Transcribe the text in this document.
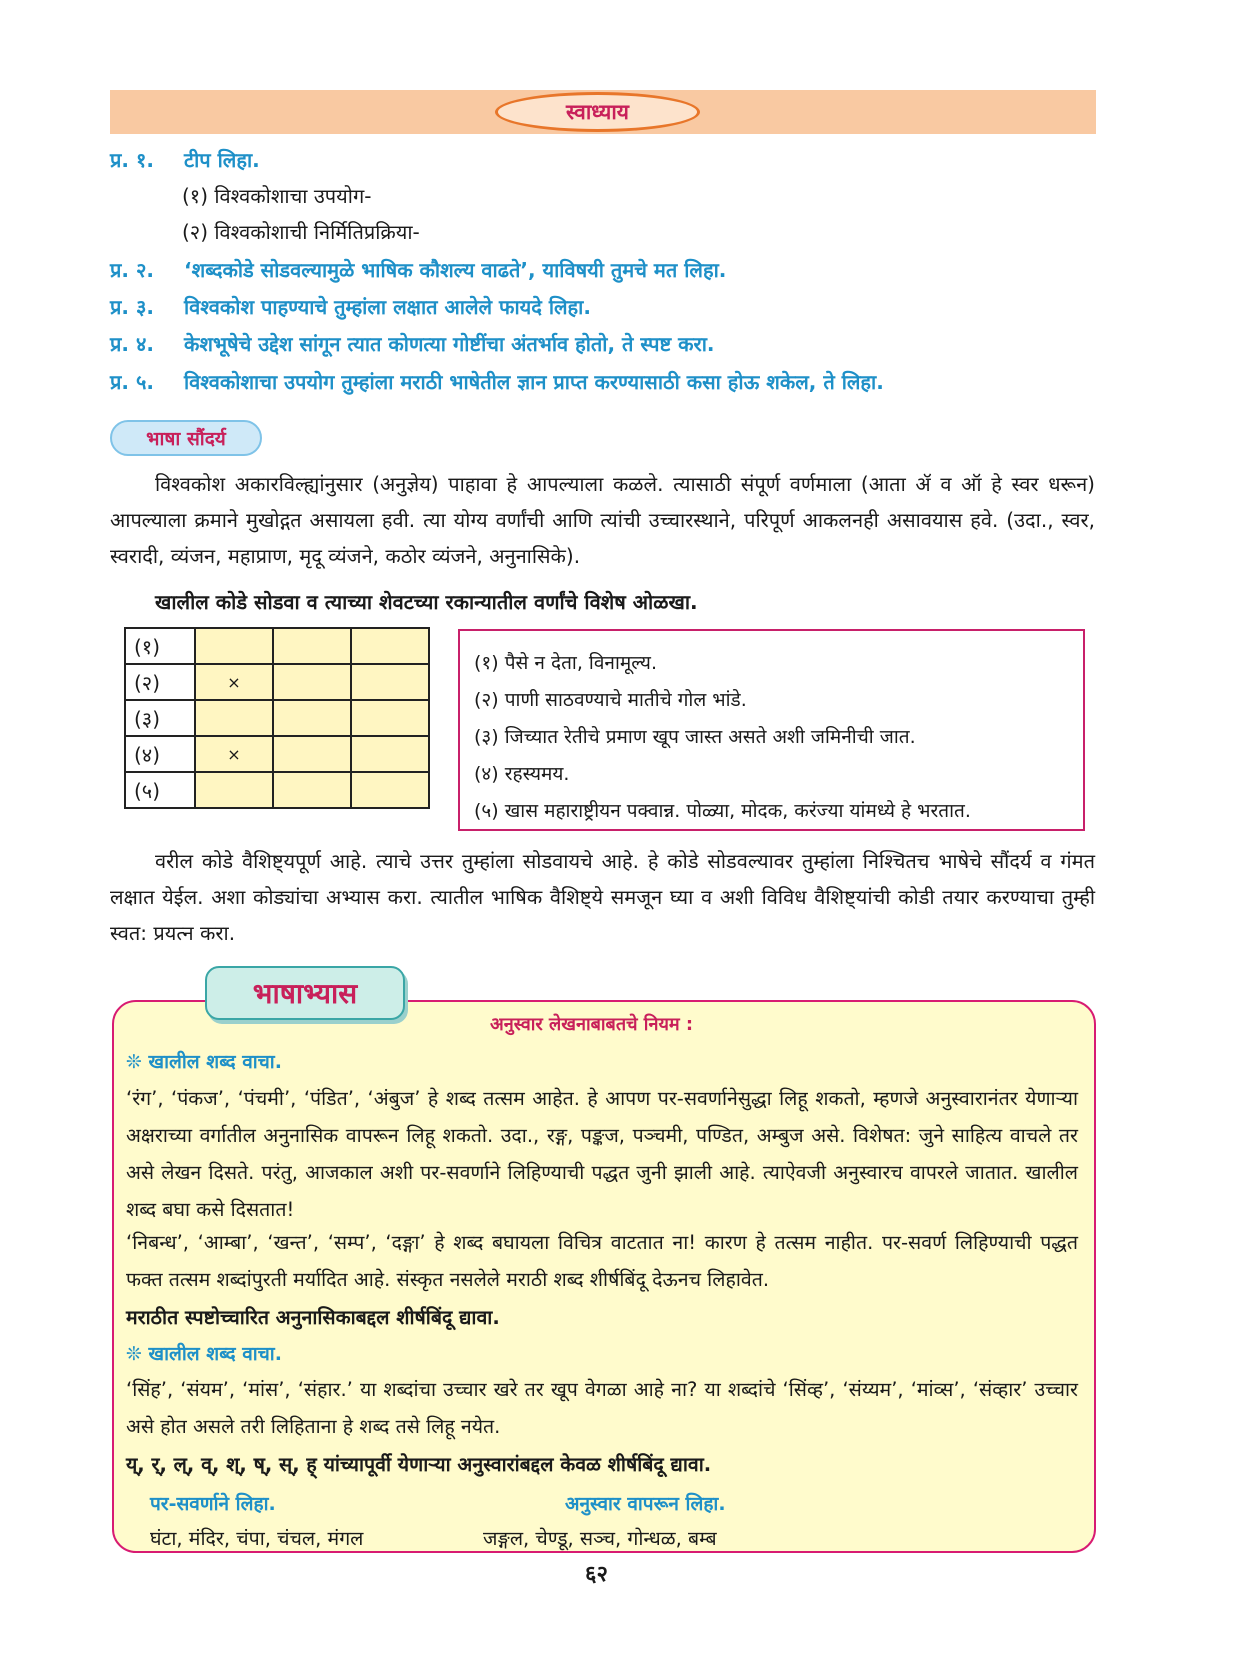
स्वाध्याय
प्र. १. टीप लिहा.
(१) विश्वकोशाचा उपयोग-
(२) विश्वकोशाची निर्मितिप्रक्रिया-
प्र. २. ‘शब्दकोडे सोडवल्यामुळे भाषिक कौशल्य वाढते’, याविषयी तुमचे मत लिहा.
प्र. ३. विश्वकोश पाहण्याचे तुम्हांला लक्षात आलेले फायदे लिहा.
प्र. ४. केशभूषेचे उद्देश सांगून त्यात कोणत्या गोष्टींचा अंतर्भाव होतो, ते स्पष्ट करा.
प्र. ५. विश्वकोशाचा उपयोग तुम्हांला मराठी भाषेतील ज्ञान प्राप्त करण्यासाठी कसा होऊ शकेल, ते लिहा.
भाषा सौंदर्य
विश्वकोश अकारविल्ह्यांनुसार (अनुज्ञेय) पाहावा हे आपल्याला कळले. त्यासाठी संपूर्ण वर्णमाला (आता ॲ व ऑ हे स्वर धरून) आपल्याला क्रमाने मुखोद्गत असायला हवी. त्या योग्य वर्णांची आणि त्यांची उच्चारस्थाने, परिपूर्ण आकलनही असावयास हवे. (उदा., स्वर, स्वरादी, व्यंजन, महाप्राण, मृदू व्यंजने, कठोर व्यंजने, अनुनासिके).
खालील कोडे सोडवा व त्याच्या शेवटच्या रकान्यातील वर्णांचे विशेष ओळखा.
(१)			
(२)	×		
(३)			
(४)	×		
(५)			
(१) पैसे न देता, विनामूल्य.
(२) पाणी साठवण्याचे मातीचे गोल भांडे.
(३) जिच्यात रेतीचे प्रमाण खूप जास्त असते अशी जमिनीची जात.
(४) रहस्यमय.
(५) खास महाराष्ट्रीयन पक्वान्न. पोळ्या, मोदक, करंज्या यांमध्ये हे भरतात.
वरील कोडे वैशिष्ट्यपूर्ण आहे. त्याचे उत्तर तुम्हांला सोडवायचे आहे. हे कोडे सोडवल्यावर तुम्हांला निश्चितच भाषेचे सौंदर्य व गंमत लक्षात येईल. अशा कोड्यांचा अभ्यास करा. त्यातील भाषिक वैशिष्ट्ये समजून घ्या व अशी विविध वैशिष्ट्यांची कोडी तयार करण्याचा तुम्ही स्वत: प्रयत्न करा.
भाषाभ्यास
अनुस्वार लेखनाबाबतचे नियम :
❊ खालील शब्द वाचा.
‘रंग’, ‘पंकज’, ‘पंचमी’, ‘पंडित’, ‘अंबुज’ हे शब्द तत्सम आहेत. हे आपण पर-सवर्णानेसुद्धा लिहू शकतो, म्हणजे अनुस्वारानंतर येणाऱ्या अक्षराच्या वर्गातील अनुनासिक वापरून लिहू शकतो. उदा., रङ्ग, पङ्कज, पञ्चमी, पण्डित, अम्बुज असे. विशेषत: जुने साहित्य वाचले तर असे लेखन दिसते. परंतु, आजकाल अशी पर-सवर्णाने लिहिण्याची पद्धत जुनी झाली आहे. त्याऐवजी अनुस्वारच वापरले जातात. खालील शब्द बघा कसे दिसतात!
‘निबन्ध’, ‘आम्बा’, ‘खन्त’, ‘सम्प’, ‘दङ्गा’ हे शब्द बघायला विचित्र वाटतात ना! कारण हे तत्सम नाहीत. पर-सवर्ण लिहिण्याची पद्धत फक्त तत्सम शब्दांपुरती मर्यादित आहे. संस्कृत नसलेले मराठी शब्द शीर्षबिंदू देऊनच लिहावेत.
मराठीत स्पष्टोच्चारित अनुनासिकाबद्दल शीर्षबिंदू द्यावा.
❊ खालील शब्द वाचा.
‘सिंह’, ‘संयम’, ‘मांस’, ‘संहार.’ या शब्दांचा उच्चार खरे तर खूप वेगळा आहे ना? या शब्दांचे ‘सिंव्ह’, ‘संय्यम’, ‘मांव्स’, ‘संव्हार’ उच्चार असे होत असले तरी लिहिताना हे शब्द तसे लिहू नयेत.
य्, र्, ल्, व्, श्, ष्, स्, ह् यांच्यापूर्वी येणाऱ्या अनुस्वारांबद्दल केवळ शीर्षबिंदू द्यावा.
पर-सवर्णाने लिहा.
घंटा, मंदिर, चंपा, चंचल, मंगल
अनुस्वार वापरून लिहा.
जङ्गल, चेण्डू, सञ्च, गोन्धळ, बम्ब
६२
